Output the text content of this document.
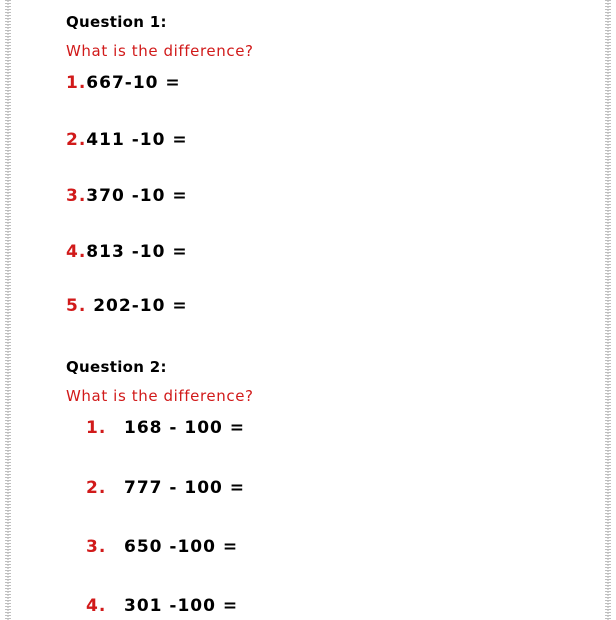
Question 1:
What is the difference?
1.667-10 =
2.411 -10 =
3.370 -10 =
4.813 -10 =
5. 202-10 =
Question 2:
What is the difference?
1. 168 - 100 =
2. 777 - 100 =
3. 650 -100 =
4. 301 -100 =
